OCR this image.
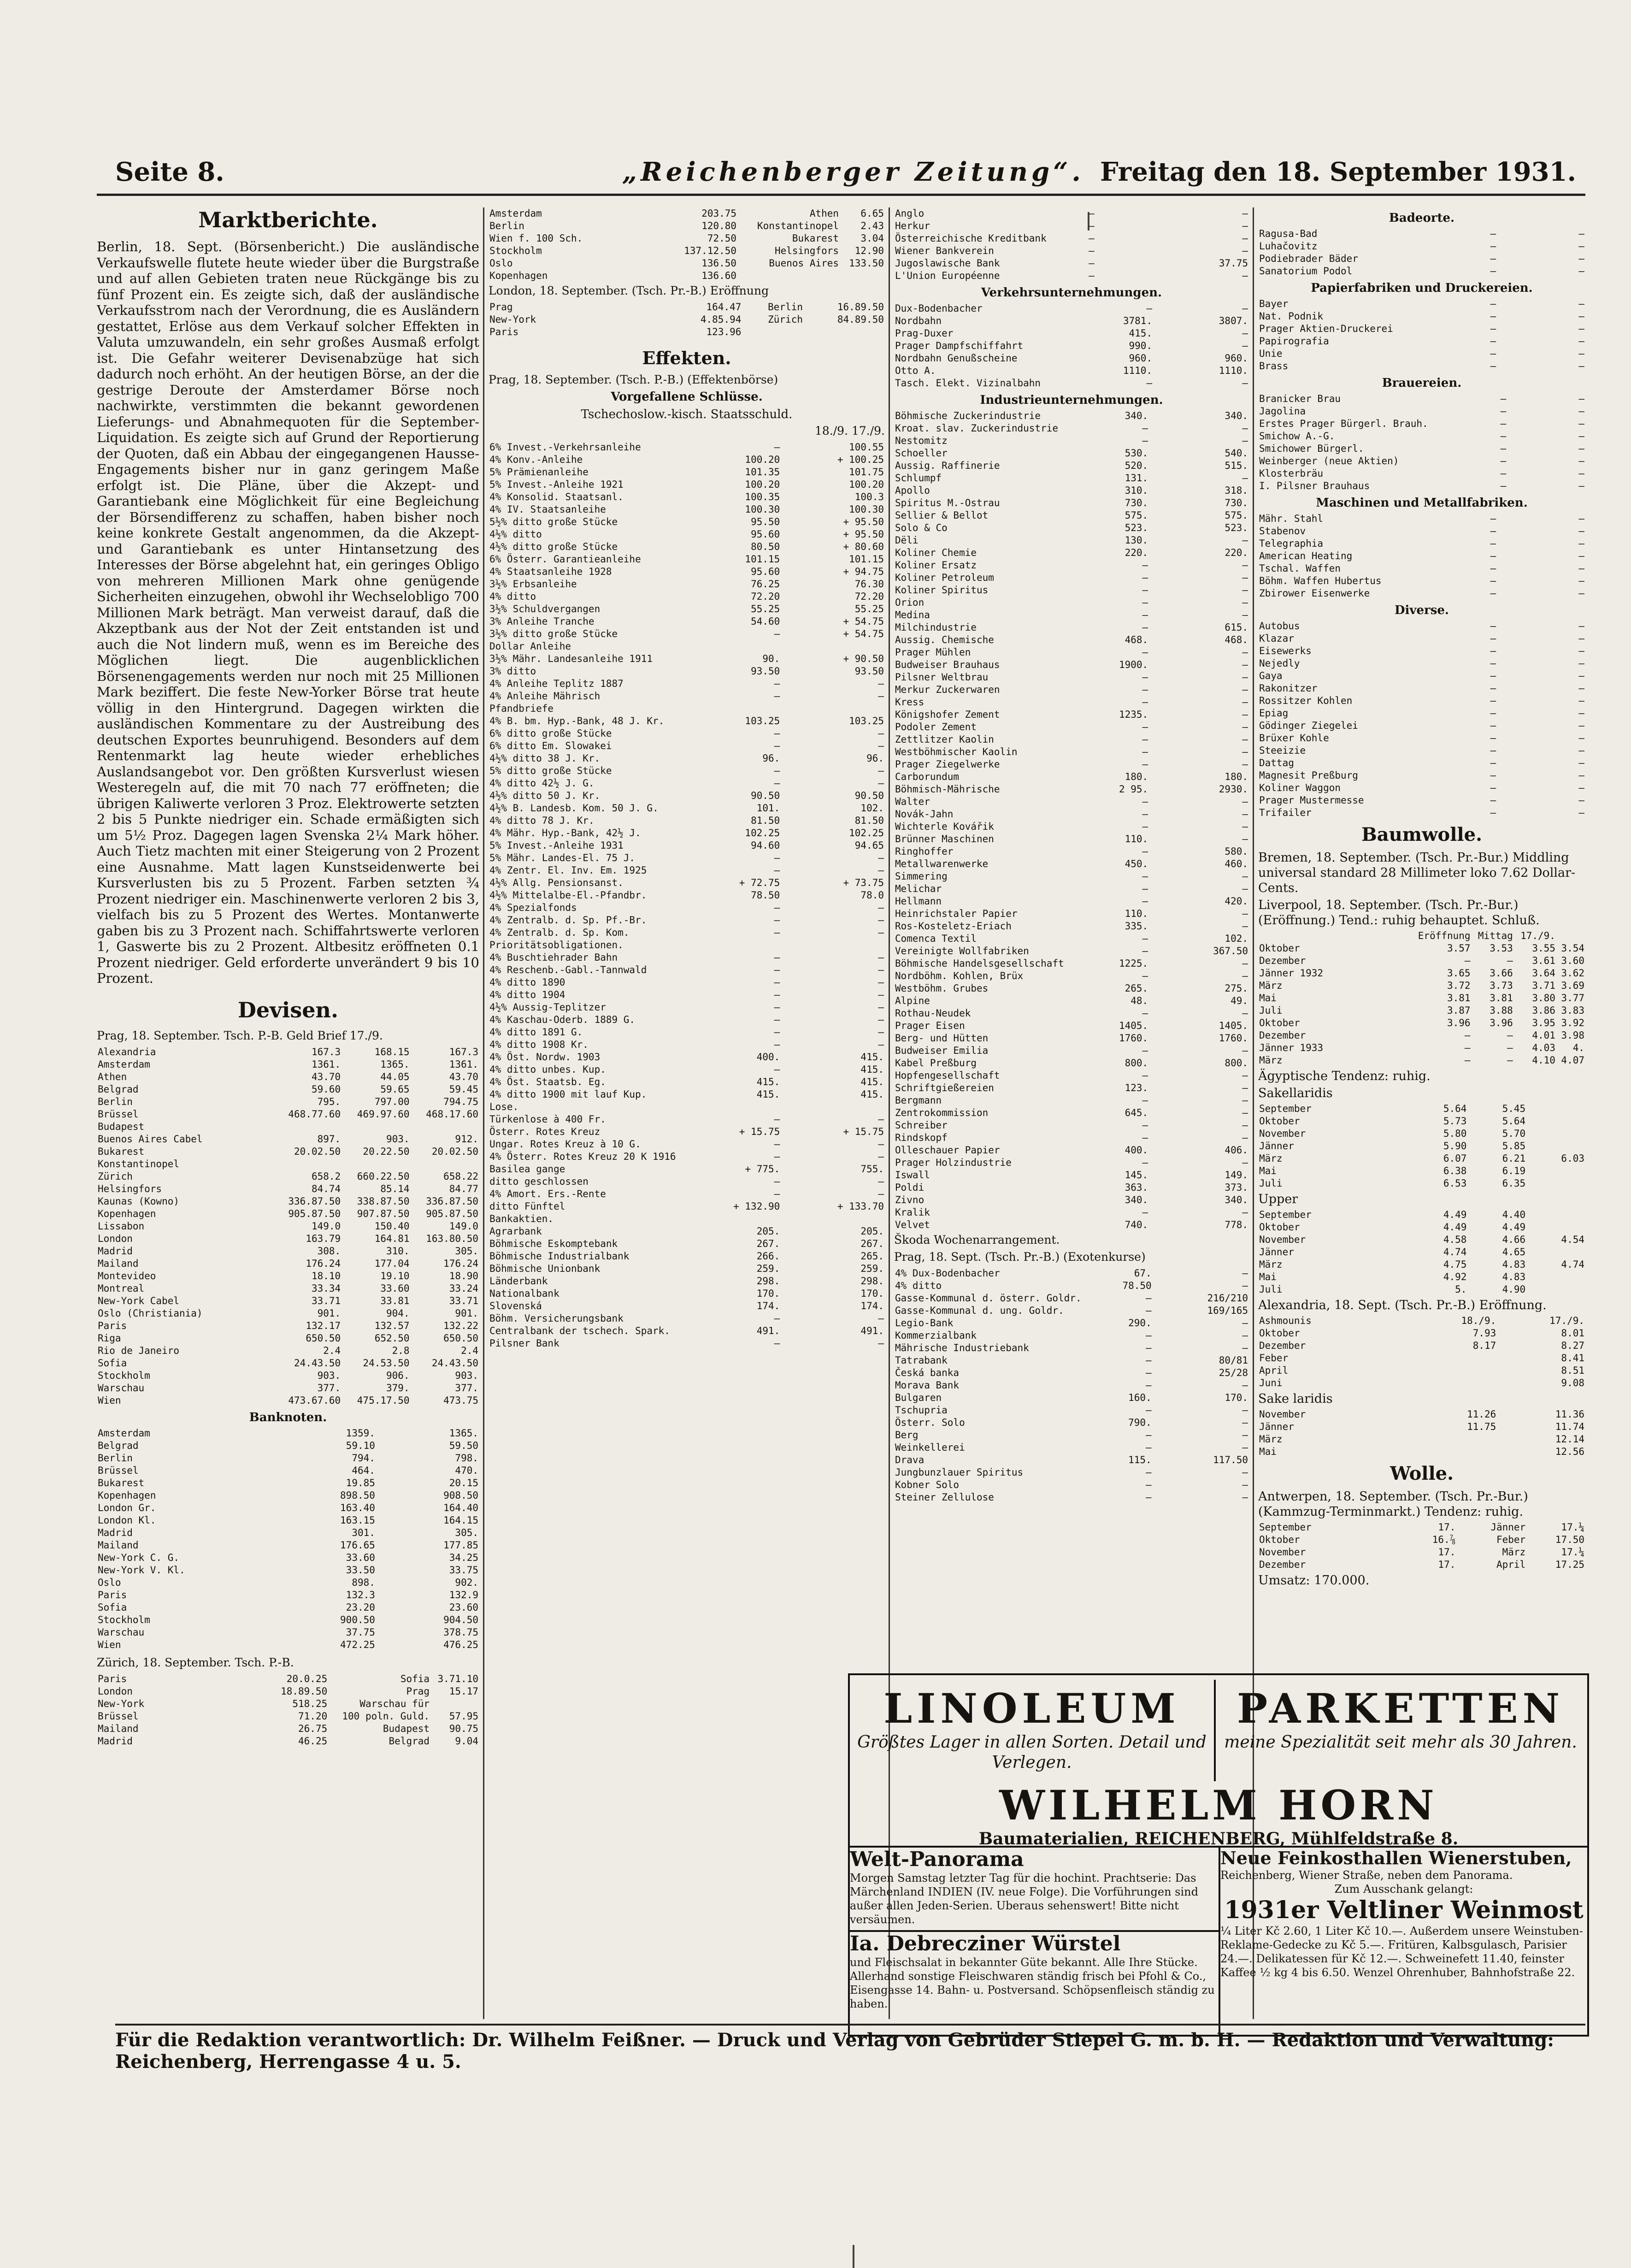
Seite 8.	„Reichenberger Zeitung“. Freitag den 18. September 1931.
Marktberichte.

Berlin, 18. Sept. (Börsenbericht.) Die ausländische Verkaufswelle flutete heute wieder über die Burgstraße und auf allen Gebieten traten neue Rückgänge bis zu fünf Prozent ein. Es zeigte sich, daß der ausländische Verkaufsstrom nach der Verordnung, die es Ausländern gestattet, Erlöse aus dem Verkauf solcher Effekten in Valuta umzuwandeln, ein sehr großes Ausmaß erfolgt ist. Die Gefahr weiterer Devisenabzüge hat sich dadurch noch erhöht. An der heutigen Börse, an der die gestrige Deroute der Amsterdamer Börse noch nachwirkte, verstimmten die bekannt gewordenen Lieferungs- und Abnahmequoten für die September-Liquidation. Es zeigte sich auf Grund der Reportierung der Quoten, daß ein Abbau der eingegangenen Hausse-Engagements bisher nur in ganz geringem Maße erfolgt ist. Die Pläne, über die Akzept- und Garantiebank eine Möglichkeit für eine Begleichung der Börsendifferenz zu schaffen, haben bisher noch keine konkrete Gestalt angenommen, da die Akzept- und Garantiebank es unter Hintansetzung des Interesses der Börse abgelehnt hat, ein geringes Obligo von mehreren Millionen Mark ohne genügende Sicherheiten einzugehen, obwohl ihr Wechselobligo 700 Millionen Mark beträgt. Man verweist darauf, daß die Akzeptbank aus der Not der Zeit entstanden ist und auch die Not lindern muß, wenn es im Bereiche des Möglichen liegt. Die augenblicklichen Börsenengagements werden nur noch mit 25 Millionen Mark beziffert. Die feste New-Yorker Börse trat heute völlig in den Hintergrund. Dagegen wirkten die ausländischen Kommentare zu der Austreibung des deutschen Exportes beunruhigend. Besonders auf dem Rentenmarkt lag heute wieder erhebliches Auslandsangebot vor. Den größten Kursverlust wiesen Westeregeln auf, die mit 70 nach 77 eröffneten; die übrigen Kaliwerte verloren 3 Proz. Elektrowerte setzten 2 bis 5 Punkte niedriger ein. Schade ermäßigten sich um 5½ Proz. Dagegen lagen Svenska 2¼ Mark höher. Auch Tietz machten mit einer Steigerung von 2 Prozent eine Ausnahme. Matt lagen Kunstseidenwerte bei Kursverlusten bis zu 5 Prozent. Farben setzten ¾ Prozent niedriger ein. Maschinenwerte verloren 2 bis 3, vielfach bis zu 5 Prozent des Wertes. Montanwerte gaben bis zu 3 Prozent nach. Schiffahrtswerte verloren 1, Gaswerte bis zu 2 Prozent. Altbesitz eröffneten 0.1 Prozent niedriger. Geld erforderte unverändert 9 bis 10 Prozent.

Devisen.
Prag, 18. September. Tsch. P.-B. Geld Brief 17./9.
Alexandria	167.3	168.15	167.3
Amsterdam	1361.	1365.	1361.
Athen	43.70	44.05	43.70
Belgrad	59.60	59.65	59.45
Berlin	795.	797.00	794.75
Brüssel	468.77.60	469.97.60	468.17.60
Budapest			
Buenos Aires Cabel	897.	903.	912.
Bukarest	20.02.50	20.22.50	20.02.50
Konstantinopel			
Zürich	658.2	660.22.50	658.22
Helsingfors	84.74	85.14	84.77
Kaunas (Kowno)	336.87.50	338.87.50	336.87.50
Kopenhagen	905.87.50	907.87.50	905.87.50
Lissabon	149.0	150.40	149.0
London	163.79	164.81	163.80.50
Madrid	308.	310.	305.
Mailand	176.24	177.04	176.24
Montevideo	18.10	19.10	18.90
Montreal	33.34	33.60	33.24
New-York Cabel	33.71	33.81	33.71
Oslo (Christiania)	901.	904.	901.
Paris	132.17	132.57	132.22
Riga	650.50	652.50	650.50
Rio de Janeiro	2.4	2.8	2.4
Sofia	24.43.50	24.53.50	24.43.50
Stockholm	903.	906.	903.
Warschau	377.	379.	377.
Wien	473.67.60	475.17.50	473.75
Banknoten.
Amsterdam	1359.	1365.
Belgrad	59.10	59.50
Berlin	794.	798.
Brüssel	464.	470.
Bukarest	19.85	20.15
Kopenhagen	898.50	908.50
London Gr.	163.40	164.40
London Kl.	163.15	164.15
Madrid	301.	305.
Mailand	176.65	177.85
New-York C. G.	33.60	34.25
New-York V. Kl.	33.50	33.75
Oslo	898.	902.
Paris	132.3	132.9
Sofia	23.20	23.60
Stockholm	900.50	904.50
Warschau	37.75	378.75
Wien	472.25	476.25
Zürich, 18. September. Tsch. P.-B.
Paris	20.0.25	Sofia	3.71.10
London	18.89.50	Prag	15.17
New-York	518.25	Warschau für	
Brüssel	71.20	100 poln. Guld.	57.95
Mailand	26.75	Budapest	90.75
Madrid	46.25	Belgrad	9.04
Amsterdam	203.75	Athen	6.65
Berlin	120.80	Konstantinopel	2.43
Wien f. 100 Sch.	72.50	Bukarest	3.04
Stockholm	137.12.50	Helsingfors	12.90
Oslo	136.50	Buenos Aires	133.50
Kopenhagen	136.60		
London, 18. September. (Tsch. Pr.-B.) Eröffnung
Prag	164.47	Berlin	16.89.50
New-York	4.85.94	Zürich	84.89.50
Paris	123.96		
Effekten.
Prag, 18. September. (Tsch. P.-B.) (Effektenbörse)
Vorgefallene Schlüsse.
Tschechoslow.-kisch. Staatsschuld.
18./9. 17./9.
6% Invest.-Verkehrsanleihe	—	100.55
4% Konv.-Anleihe	100.20	+ 100.25
5% Prämienanleihe	101.35	101.75
5% Invest.-Anleihe 1921	100.20	100.20
4% Konsolid. Staatsanl.	100.35	100.3
4% IV. Staatsanleihe	100.30	100.30
5½% ditto große Stücke	95.50	+ 95.50
4½% ditto	95.60	+ 95.50
4½% ditto große Stücke	80.50	+ 80.60
6% Österr. Garantieanleihe	101.15	101.15
4% Staatsanleihe 1928	95.60	+ 94.75
3½% Erbsanleihe	76.25	76.30
4% ditto	72.20	72.20
3½% Schuldvergangen	55.25	55.25
3% Anleihe Tranche	54.60	+ 54.75
3½% ditto große Stücke	—	+ 54.75
Dollar Anleihe		
3½% Mähr. Landesanleihe 1911	90.	+ 90.50
3% ditto	93.50	93.50
4% Anleihe Teplitz 1887	—	—
4% Anleihe Mährisch	—	—
Pfandbriefe		
4% B. bm. Hyp.-Bank, 48 J. Kr.	103.25	103.25
6% ditto große Stücke	—	—
6% ditto Em. Slowakei	—	—
4½% ditto 38 J. Kr.	96.	96.
5% ditto große Stücke	—	—
4% ditto 42½ J. G.	—	—
4½% ditto 50 J. Kr.	90.50	90.50
4½% B. Landesb. Kom. 50 J. G.	101.	102.
4% ditto 78 J. Kr.	81.50	81.50
4% Mähr. Hyp.-Bank, 42½ J.	102.25	102.25
5% Invest.-Anleihe 1931	94.60	94.65
5% Mähr. Landes-El. 75 J.	—	—
4% Zentr. El. Inv. Em. 1925	—	—
4½% Allg. Pensionsanst.	+ 72.75	+ 73.75
4½% Mittelalbe-El.-Pfandbr.	78.50	78.0
4% Spezialfonds	—	—
4% Zentralb. d. Sp. Pf.-Br.	—	—
4% Zentralb. d. Sp. Kom.	—	—
Prioritätsobligationen.		
4% Buschtiehrader Bahn	—	—
4% Reschenb.-Gabl.-Tannwald	—	—
4% ditto 1890	—	—
4% ditto 1904	—	—
4½% Aussig-Teplitzer	—	—
4% Kaschau-Oderb. 1889 G.	—	—
4% ditto 1891 G.	—	—
4% ditto 1908 Kr.	—	—
4% Öst. Nordw. 1903	400.	415.
4% ditto unbes. Kup.	—	415.
4% Öst. Staatsb. Eg.	415.	415.
4% ditto 1900 mit lauf Kup.	415.	415.
Lose.		
Türkenlose à 400 Fr.	—	—
Österr. Rotes Kreuz	+ 15.75	+ 15.75
Ungar. Rotes Kreuz à 10 G.	—	—
4% Österr. Rotes Kreuz 20 K 1916	—	—
Basilea gange	+ 775.	755.
ditto geschlossen	—	—
4% Amort. Ers.-Rente	—	—
ditto Fünftel	+ 132.90	+ 133.70
Bankaktien.		
Agrarbank	205.	205.
Böhmische Eskomptebank	267.	267.
Böhmische Industrialbank	266.	265.
Böhmische Unionbank	259.	259.
Länderbank	298.	298.
Nationalbank	170.	170.
Slovenská	174.	174.
Böhm. Versicherungsbank	—	—
Centralbank der tschech. Spark.	491.	491.
Pilsner Bank	—	—
Anglo	—	—
Herkur	—	—
Österreichische Kreditbank	—	—
Wiener Bankverein	—	—
Jugoslawische Bank	—	37.75
L'Union Européenne	—	—
Verkehrsunternehmungen.
Dux-Bodenbacher	—	—
Nordbahn	3781.	3807.
Prag-Duxer	415.	—
Prager Dampfschiffahrt	990.	—
Nordbahn Genußscheine	960.	960.
Otto A.	1110.	1110.
Tasch. Elekt. Vizinalbahn	—	—
Industrieunternehmungen.
Böhmische Zuckerindustrie	340.	340.
Kroat. slav. Zuckerindustrie	—	—
Nestomitz	—	—
Schoeller	530.	540.
Aussig. Raffinerie	520.	515.
Schlumpf	131.	—
Apollo	310.	318.
Spiritus M.-Ostrau	730.	730.
Sellier & Bellot	575.	575.
Solo & Co	523.	523.
Dëli	130.	—
Koliner Chemie	220.	220.
Koliner Ersatz	—	—
Koliner Petroleum	—	—
Koliner Spiritus	—	—
Orion	—	—
Medina	—	—
Milchindustrie	—	615.
Aussig. Chemische	468.	468.
Prager Mühlen	—	—
Budweiser Brauhaus	1900.	—
Pilsner Weltbrau	—	—
Merkur Zuckerwaren	—	—
Kress	—	—
Königshofer Zement	1235.	—
Podoler Zement	—	—
Zettlitzer Kaolin	—	—
Westböhmischer Kaolin	—	—
Prager Ziegelwerke	—	—
Carborundum	180.	180.
Böhmisch-Mährische	2 95.	2930.
Walter	—	—
Novák-Jahn	—	—
Wichterle Kovářik	—	—
Brünner Maschinen	110.	—
Ringhoffer	—	580.
Metallwarenwerke	450.	460.
Simmering	—	—
Melichar	—	—
Hellmann	—	420.
Heinrichstaler Papier	110.	—
Ros-Kosteletz-Eriach	335.	—
Comenca Textil	—	102.
Vereinigte Wollfabriken	—	367.50
Böhmische Handelsgesellschaft	1225.	—
Nordböhm. Kohlen, Brüx	—	—
Westböhm. Grubes	265.	275.
Alpine	48.	49.
Rothau-Neudek	—	—
Prager Eisen	1405.	1405.
Berg- und Hütten	1760.	1760.
Budweiser Emilia	—	—
Kabel Preßburg	800.	800.
Hopfengesellschaft	—	—
Schriftgießereien	123.	—
Bergmann	—	—
Zentrokommission	645.	—
Schreiber	—	—
Rindskopf	—	—
Olleschauer Papier	400.	406.
Prager Holzindustrie	—	—
Iswall	145.	149.
Poldi	363.	373.
Zivno	340.	340.
Kralik	—	—
Velvet	740.	778.
Škoda Wochenarrangement.
Prag, 18. Sept. (Tsch. Pr.-B.) (Exotenkurse)
4% Dux-Bodenbacher	67.	—
4% ditto	78.50	—
Gasse-Kommunal d. österr. Goldr.	—	216/210
Gasse-Kommunal d. ung. Goldr.	—	169/165
Legio-Bank	290.	—
Kommerzialbank	—	—
Mährische Industriebank	—	—
Tatrabank	—	80/81
Česká banka	—	25/28
Morava Bank	—	—
Bulgaren	160.	170.
Tschupria	—	—
Österr. Solo	790.	—
Berg	—	—
Weinkellerei	—	—
Drava	115.	117.50
Jungbunzlauer Spiritus	—	—
Kobner Solo	—	—
Steiner Zellulose	—	—
Badeorte.
Ragusa-Bad	—	—
Luhačovitz	—	—
Podiebrader Bäder	—	—
Sanatorium Podol	—	—
Papierfabriken und Druckereien.
Bayer	—	—
Nat. Podnik	—	—
Prager Aktien-Druckerei	—	—
Papirografia	—	—
Unie	—	—
Brass	—	—
Brauereien.
Branicker Brau	—	—
Jagolina	—	—
Erstes Prager Bürgerl. Brauh.	—	—
Smichow A.-G.	—	—
Smichower Bürgerl.	—	—
Weinberger (neue Aktien)	—	—
Klosterbräu	—	—
I. Pilsner Brauhaus	—	—
Maschinen und Metallfabriken.
Mähr. Stahl	—	—
Stabenov	—	—
Telegraphia	—	—
American Heating	—	—
Tschal. Waffen	—	—
Böhm. Waffen Hubertus	—	—
Zbirower Eisenwerke	—	—
Diverse.
Autobus	—	—
Klazar	—	—
Eisewerks	—	—
Nejedly	—	—
Gaya	—	—
Rakonitzer	—	—
Rossitzer Kohlen	—	—
Epiag	—	—
Gödinger Ziegelei	—	—
Brüxer Kohle	—	—
Steeizie	—	—
Dattag	—	—
Magnesit Preßburg	—	—
Koliner Waggon	—	—
Prager Mustermesse	—	—
Trifailer	—	—
Baumwolle.
Bremen, 18. September. (Tsch. Pr.-Bur.) Middling universal standard 28 Millimeter loko 7.62 Dollar-Cents.
Liverpool, 18. September. (Tsch. Pr.-Bur.) (Eröffnung.) Tend.: ruhig behauptet. Schluß.
	Eröffnung	Mittag	17./9.	
Oktober	3.57	3.53	3.55	3.54
Dezember	—	—	3.61	3.60
Jänner 1932	3.65	3.66	3.64	3.62
März	3.72	3.73	3.71	3.69
Mai	3.81	3.81	3.80	3.77
Juli	3.87	3.88	3.86	3.83
Oktober	3.96	3.96	3.95	3.92
Dezember	—	—	4.01	3.98
Jänner 1933	—	—	4.03	4.
März	—	—	4.10	4.07
Ägyptische Tendenz: ruhig.
Sakellaridis
September	5.64	5.45	
Oktober	5.73	5.64	
November	5.80	5.70	
Jänner	5.90	5.85	
März	6.07	6.21	6.03
Mai	6.38	6.19	
Juli	6.53	6.35	
Upper
September	4.49	4.40	
Oktober	4.49	4.49	
November	4.58	4.66	4.54
Jänner	4.74	4.65	
März	4.75	4.83	4.74
Mai	4.92	4.83	
Juli	5.	4.90	
Alexandria, 18. Sept. (Tsch. Pr.-B.) Eröffnung.
Ashmounis	18./9.	17./9.
Oktober	7.93	8.01
Dezember	8.17	8.27
Feber		8.41
April		8.51
Juni		9.08
Sake laridis
November	11.26	11.36
Jänner	11.75	11.74
März		12.14
Mai		12.56
Wolle.
Antwerpen, 18. September. (Tsch. Pr.-Bur.) (Kammzug-Terminmarkt.) Tendenz: ruhig.
September	17.	Jänner	17.¼
Oktober	16.⅞	Feber	17.50
November	17.	März	17.¼
Dezember	17.	April	17.25
Umsatz: 170.000.
LINOLEUM
Größtes Lager in allen Sorten. Detail und Verlegen.
PARKETTEN
meine Spezialität seit mehr als 30 Jahren.
WILHELM HORN
Baumaterialien, REICHENBERG, Mühlfeldstraße 8.
Welt-Panorama
Morgen Samstag letzter Tag für die hochint. Prachtserie: Das Märchenland INDIEN (IV. neue Folge). Die Vorführungen sind außer allen Jeden-Serien. Uberaus sehenswert! Bitte nicht versäumen.
Ia. Debrecziner Würstel
und Fleischsalat in bekannter Güte bekannt. Alle Ihre Stücke. Allerhand sonstige Fleischwaren ständig frisch bei Pfohl & Co., Eisengasse 14. Bahn- u. Postversand. Schöpsenfleisch ständig zu haben.
Neue Feinkosthallen Wienerstuben,
Reichenberg, Wiener Straße, neben dem Panorama.
Zum Ausschank gelangt:
1931er Veltliner Weinmost
¼ Liter Kč 2.60, 1 Liter Kč 10.—. Außerdem unsere Weinstuben-Reklame-Gedecke zu Kč 5.—. Fritüren, Kalbsgulasch, Parisier 24.—. Delikatessen für Kč 12.—. Schweinefett 11.40, feinster Kaffee ½ kg 4 bis 6.50. Wenzel Ohrenhuber, Bahnhofstraße 22.
Für die Redaktion verantwortlich: Dr. Wilhelm Feißner. — Druck und Verlag von Gebrüder Stiepel G. m. b. H. — Redaktion und Verwaltung: Reichenberg, Herrengasse 4 u. 5.
